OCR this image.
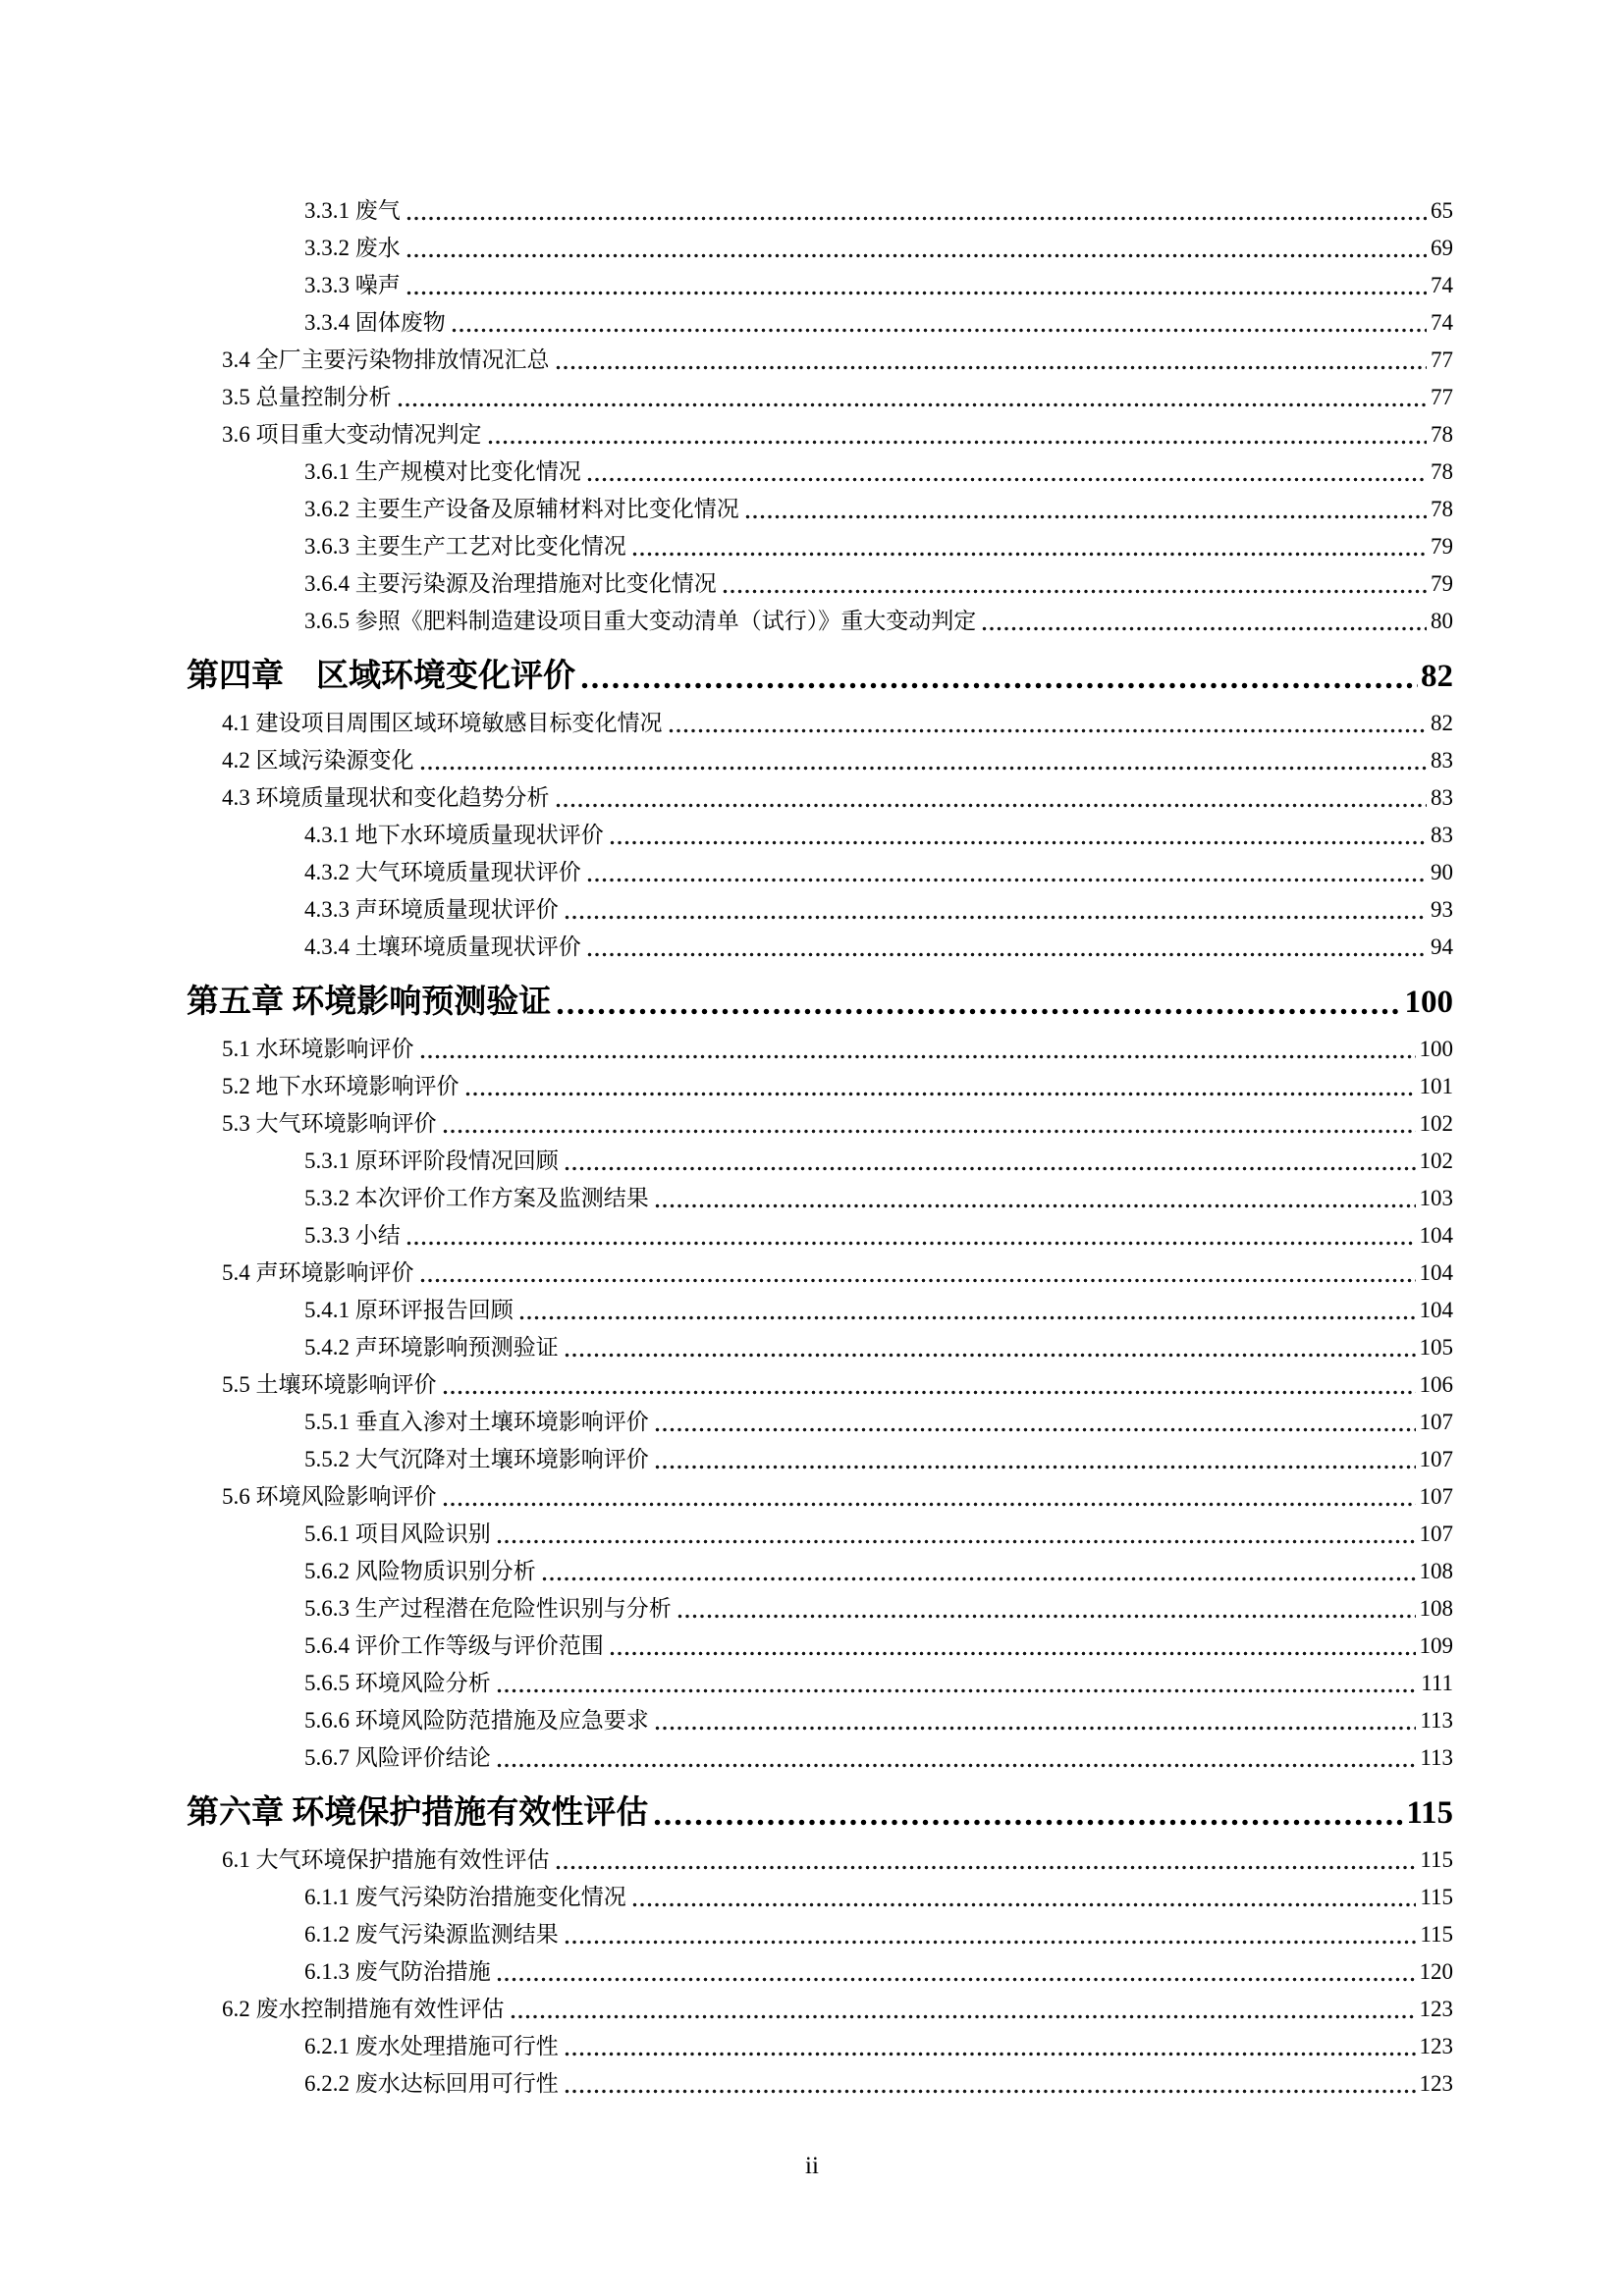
3.3.1 废气	65
3.3.2 废水	69
3.3.3 噪声	74
3.3.4 固体废物	74
3.4 全厂主要污染物排放情况汇总	77
3.5 总量控制分析	77
3.6 项目重大变动情况判定	78
3.6.1 生产规模对比变化情况	78
3.6.2 主要生产设备及原辅材料对比变化情况	78
3.6.3 主要生产工艺对比变化情况	79
3.6.4 主要污染源及治理措施对比变化情况	79
3.6.5 参照《肥料制造建设项目重大变动清单（试行）》重大变动判定	80
第四章　区域环境变化评价	82
4.1 建设项目周围区域环境敏感目标变化情况	82
4.2 区域污染源变化	83
4.3 环境质量现状和变化趋势分析	83
4.3.1 地下水环境质量现状评价	83
4.3.2 大气环境质量现状评价	90
4.3.3 声环境质量现状评价	93
4.3.4 土壤环境质量现状评价	94
第五章 环境影响预测验证	100
5.1 水环境影响评价	100
5.2 地下水环境影响评价	101
5.3 大气环境影响评价	102
5.3.1 原环评阶段情况回顾	102
5.3.2 本次评价工作方案及监测结果	103
5.3.3 小结	104
5.4 声环境影响评价	104
5.4.1 原环评报告回顾	104
5.4.2 声环境影响预测验证	105
5.5 土壤环境影响评价	106
5.5.1 垂直入渗对土壤环境影响评价	107
5.5.2 大气沉降对土壤环境影响评价	107
5.6 环境风险影响评价	107
5.6.1 项目风险识别	107
5.6.2 风险物质识别分析	108
5.6.3 生产过程潜在危险性识别与分析	108
5.6.4 评价工作等级与评价范围	109
5.6.5 环境风险分析	111
5.6.6 环境风险防范措施及应急要求	113
5.6.7 风险评价结论	113
第六章 环境保护措施有效性评估	115
6.1 大气环境保护措施有效性评估	115
6.1.1 废气污染防治措施变化情况	115
6.1.2 废气污染源监测结果	115
6.1.3 废气防治措施	120
6.2 废水控制措施有效性评估	123
6.2.1 废水处理措施可行性	123
6.2.2 废水达标回用可行性	123
ii
